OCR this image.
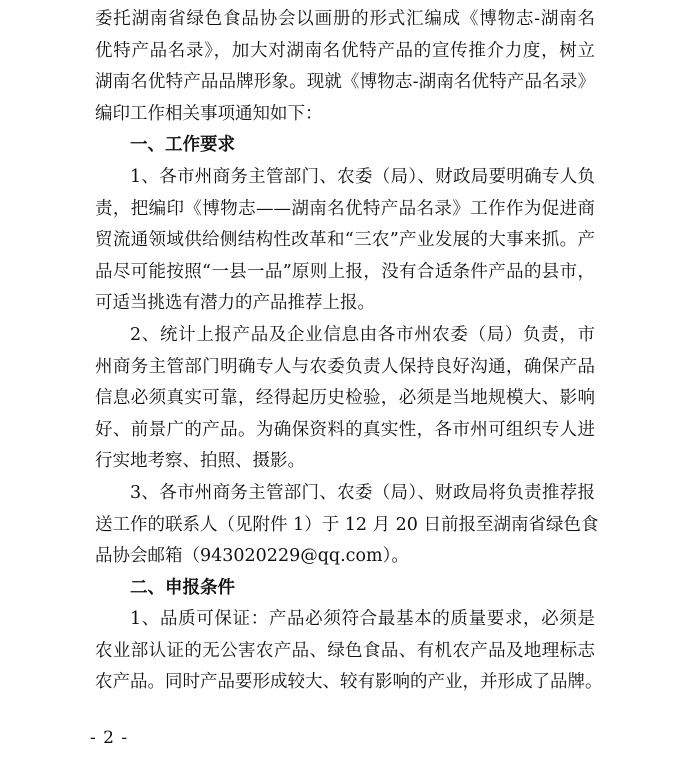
委托湖南省绿色食品协会以画册的形式汇编成《博物志-湖南名
优特产品名录》，加大对湖南名优特产品的宣传推介力度，树立
湖南名优特产品品牌形象。现就《博物志-湖南名优特产品名录》
编印工作相关事项通知如下：
一、工作要求
1、各市州商务主管部门、农委（局）、财政局要明确专人负
责，把编印《博物志——湖南名优特产品名录》工作作为促进商
贸流通领域供给侧结构性改革和“三农”产业发展的大事来抓。产
品尽可能按照“一县一品”原则上报，没有合适条件产品的县市，
可适当挑选有潜力的产品推荐上报。
2、统计上报产品及企业信息由各市州农委（局）负责，市
州商务主管部门明确专人与农委负责人保持良好沟通，确保产品
信息必须真实可靠，经得起历史检验，必须是当地规模大、影响
好、前景广的产品。为确保资料的真实性，各市州可组织专人进
行实地考察、拍照、摄影。
3、各市州商务主管部门、农委（局）、财政局将负责推荐报
送工作的联系人（见附件 1）于 12 月 20 日前报至湖南省绿色食
品协会邮箱（943020229@qq.com）。
二、申报条件
1、品质可保证：产品必须符合最基本的质量要求，必须是
农业部认证的无公害农产品、绿色食品、有机农产品及地理标志
农产品。同时产品要形成较大、较有影响的产业，并形成了品牌。
- 2 -
